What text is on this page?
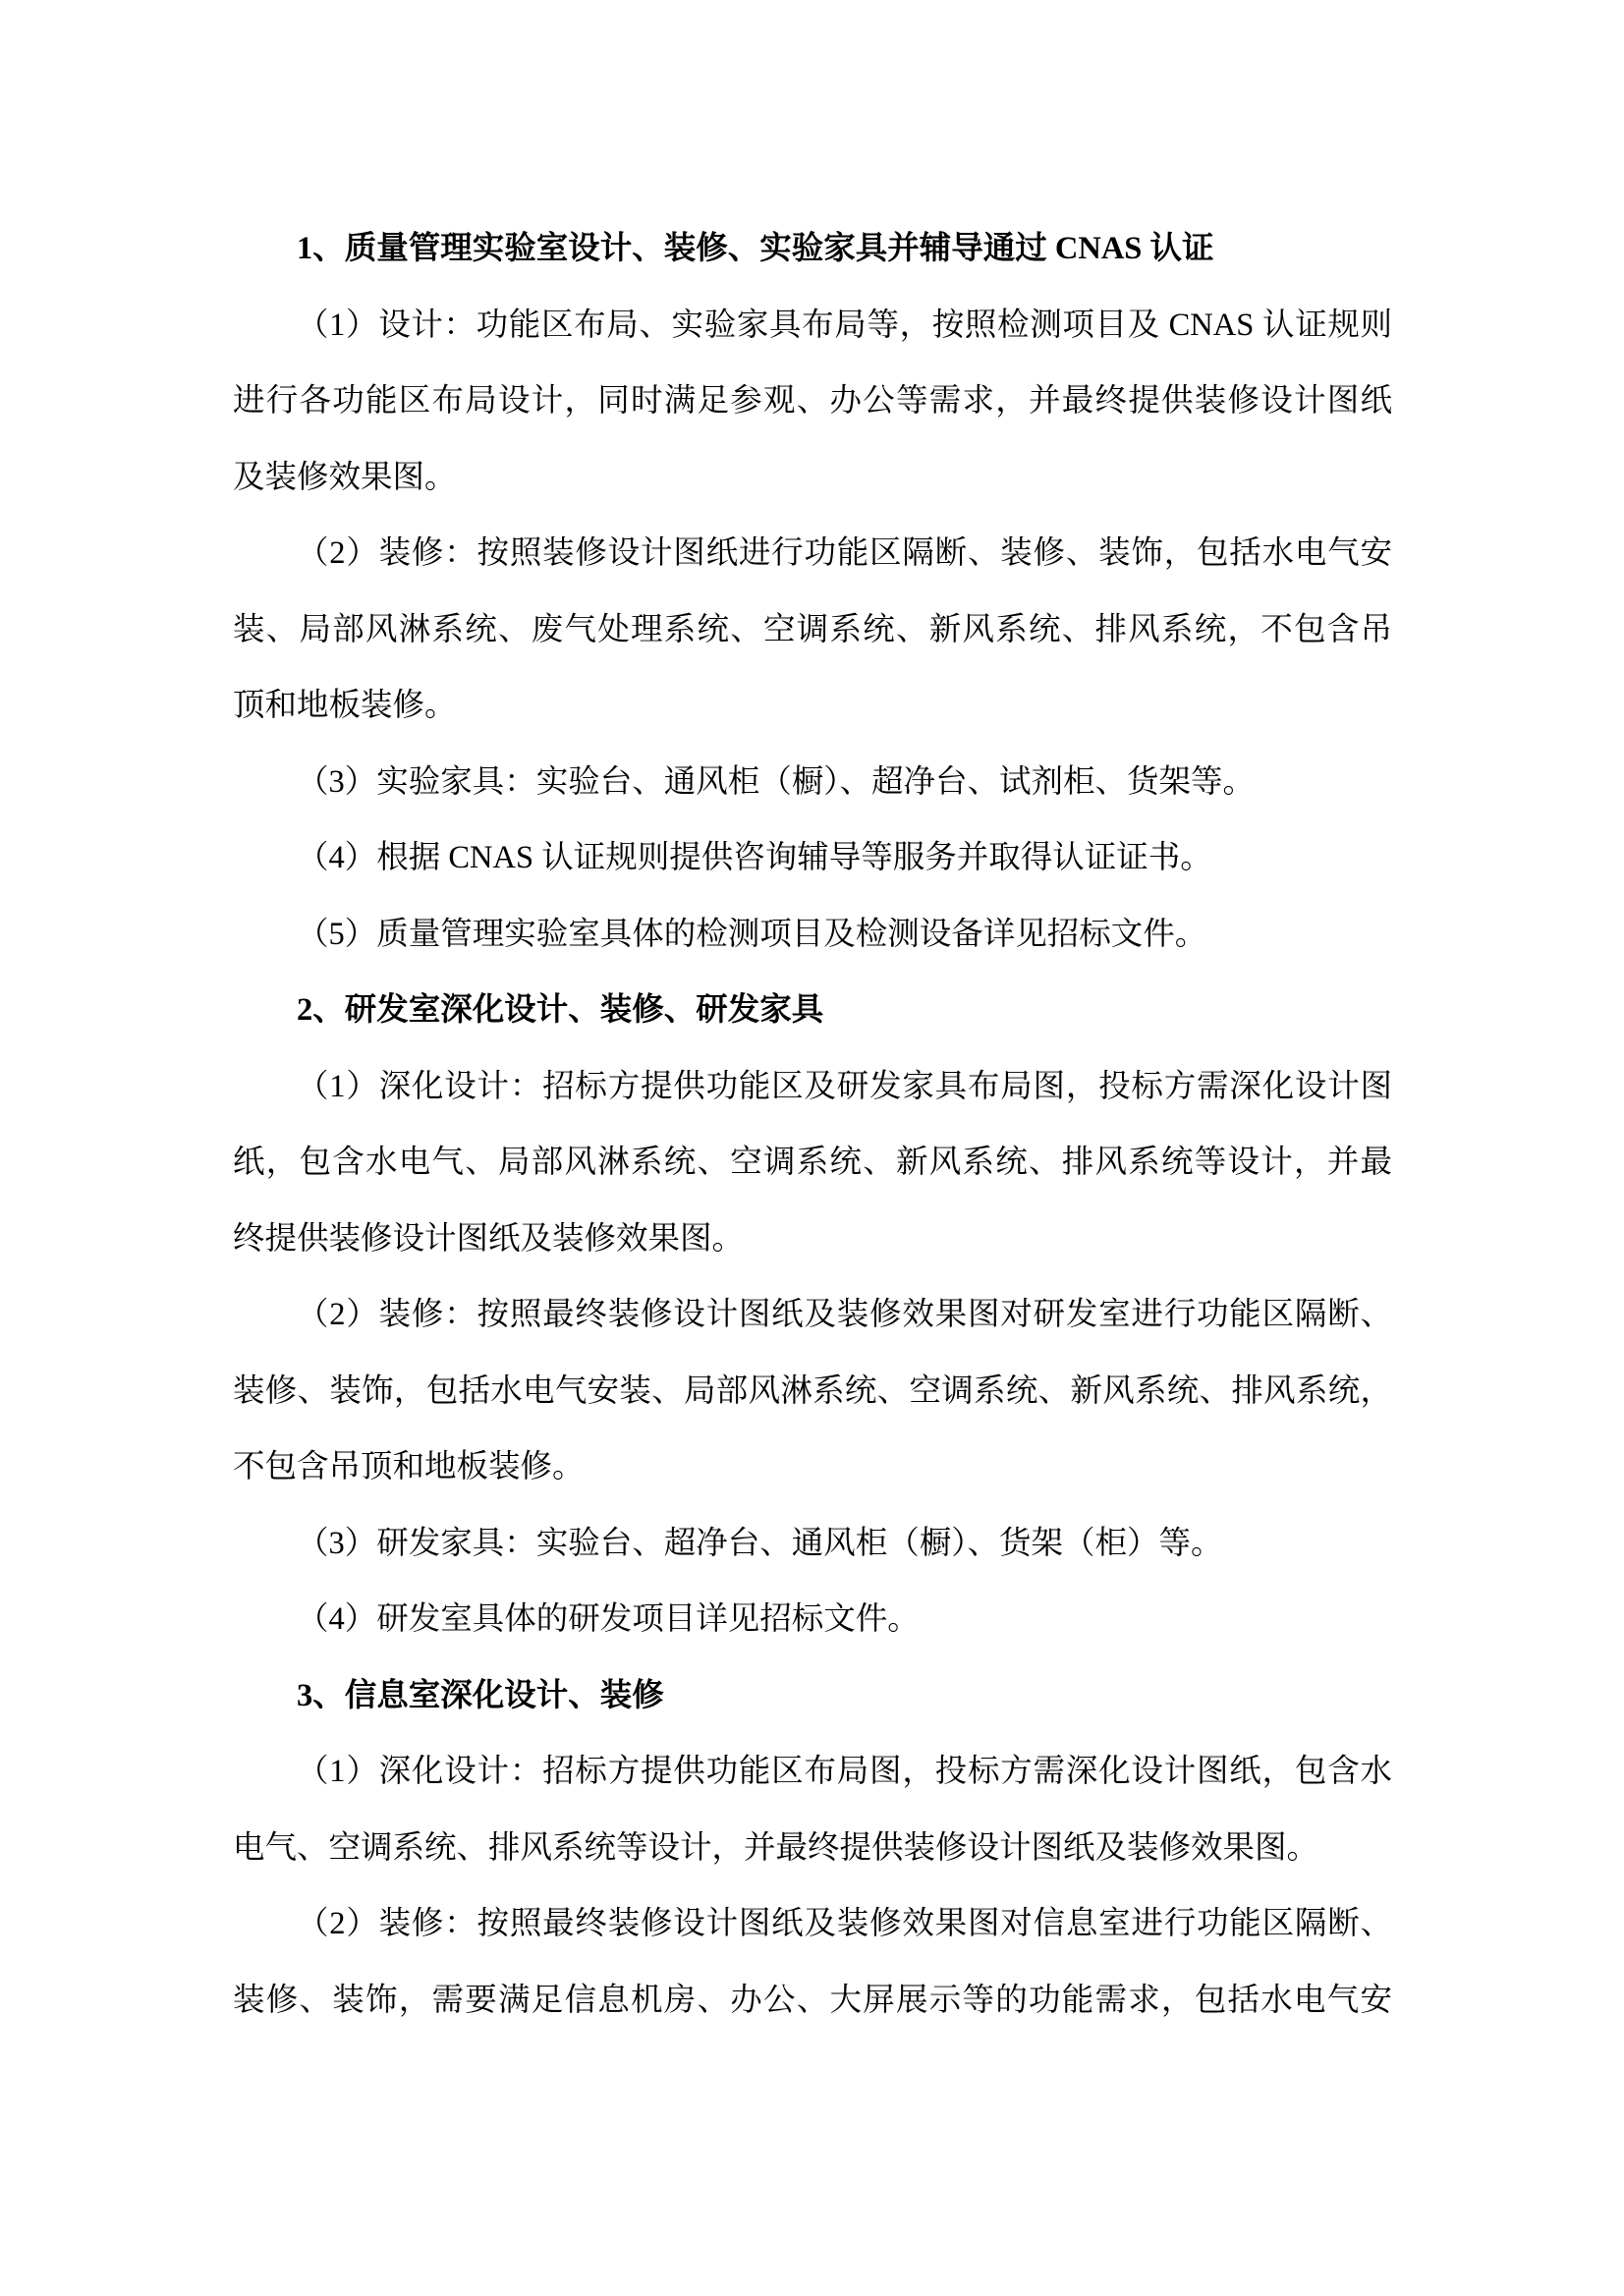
1、质量管理实验室设计、装修、实验家具并辅导通过 CNAS 认证
（1）设计：功能区布局、实验家具布局等，按照检测项目及 CNAS 认证规则
进行各功能区布局设计，同时满足参观、办公等需求，并最终提供装修设计图纸
及装修效果图。
（2）装修：按照装修设计图纸进行功能区隔断、装修、装饰，包括水电气安
装、局部风淋系统、废气处理系统、空调系统、新风系统、排风系统，不包含吊
顶和地板装修。
（3）实验家具：实验台、通风柜（橱）、超净台、试剂柜、货架等。
（4）根据 CNAS 认证规则提供咨询辅导等服务并取得认证证书。
（5）质量管理实验室具体的检测项目及检测设备详见招标文件。
2、研发室深化设计、装修、研发家具
（1）深化设计：招标方提供功能区及研发家具布局图，投标方需深化设计图
纸，包含水电气、局部风淋系统、空调系统、新风系统、排风系统等设计，并最
终提供装修设计图纸及装修效果图。
（2）装修：按照最终装修设计图纸及装修效果图对研发室进行功能区隔断、
装修、装饰，包括水电气安装、局部风淋系统、空调系统、新风系统、排风系统，
不包含吊顶和地板装修。
（3）研发家具：实验台、超净台、通风柜（橱）、货架（柜）等。
（4）研发室具体的研发项目详见招标文件。
3、信息室深化设计、装修
（1）深化设计：招标方提供功能区布局图，投标方需深化设计图纸，包含水
电气、空调系统、排风系统等设计，并最终提供装修设计图纸及装修效果图。
（2）装修：按照最终装修设计图纸及装修效果图对信息室进行功能区隔断、
装修、装饰，需要满足信息机房、办公、大屏展示等的功能需求，包括水电气安
